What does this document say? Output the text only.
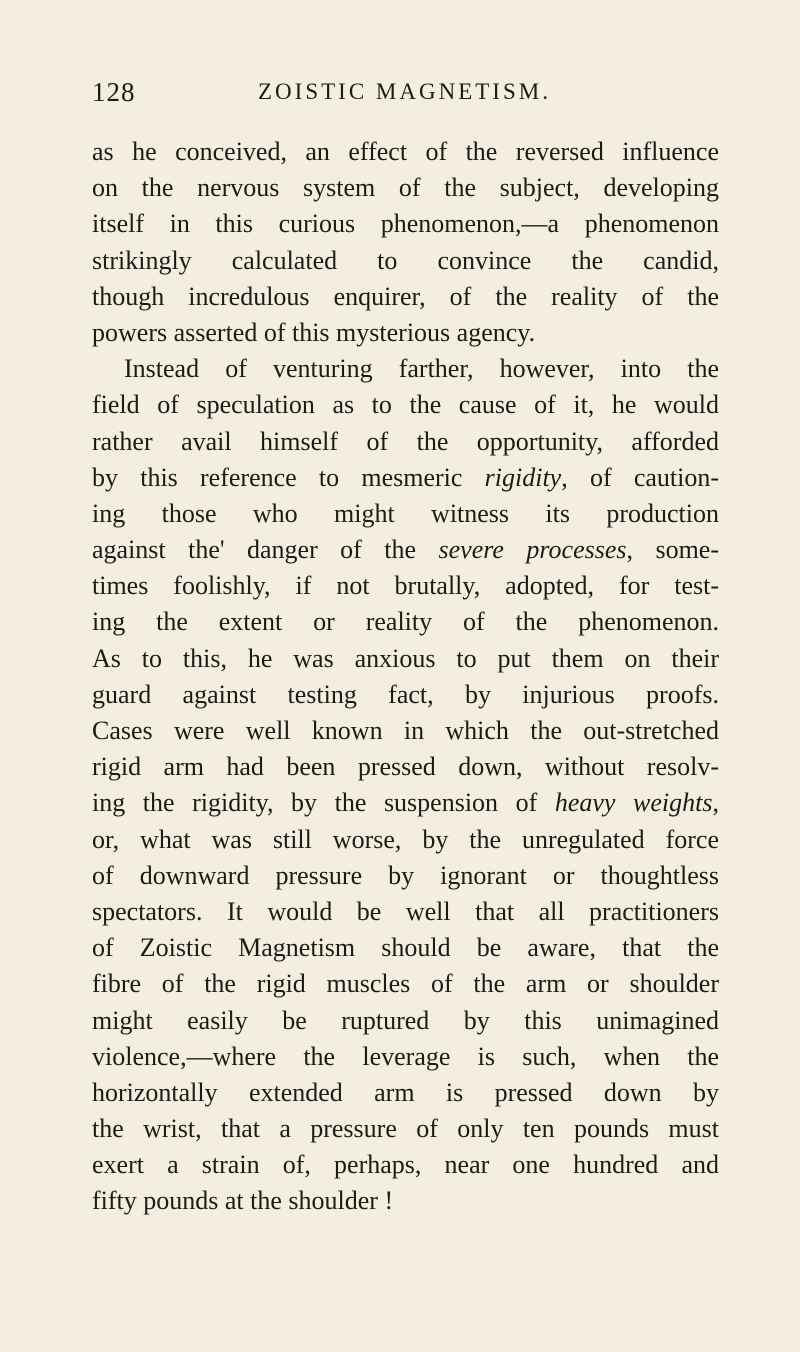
128	ZOISTIC MAGNETISM.
as he conceived, an effect of the reversed influence
on the nervous system of the subject, developing
itself in this curious phenomenon,—a phenomenon
strikingly calculated to convince the candid,
though incredulous enquirer, of the reality of the
powers asserted of this mysterious agency.
Instead of venturing farther, however, into the
field of speculation as to the cause of it, he would
rather avail himself of the opportunity, afforded
by this reference to mesmeric rigidity, of caution-
ing those who might witness its production
against the' danger of the severe processes, some-
times foolishly, if not brutally, adopted, for test-
ing the extent or reality of the phenomenon.
As to this, he was anxious to put them on their
guard against testing fact, by injurious proofs.
Cases were well known in which the out-stretched
rigid arm had been pressed down, without resolv-
ing the rigidity, by the suspension of heavy weights,
or, what was still worse, by the unregulated force
of downward pressure by ignorant or thoughtless
spectators. It would be well that all practitioners
of Zoistic Magnetism should be aware, that the
fibre of the rigid muscles of the arm or shoulder
might easily be ruptured by this unimagined
violence,—where the leverage is such, when the
horizontally extended arm is pressed down by
the wrist, that a pressure of only ten pounds must
exert a strain of, perhaps, near one hundred and
fifty pounds at the shoulder !
